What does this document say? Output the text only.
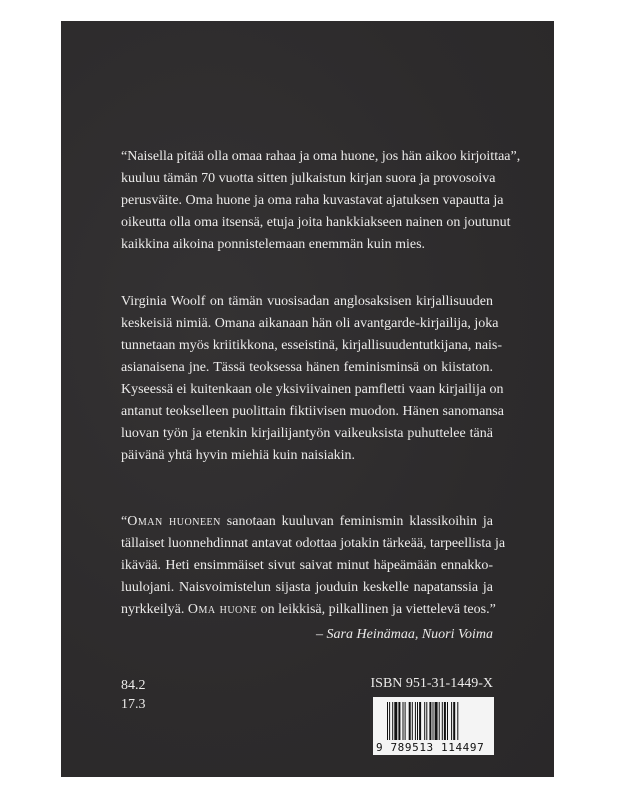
“Naisella pitää olla omaa rahaa ja oma huone, jos hän aikoo kirjoittaa”,
kuuluu tämän 70 vuotta sitten julkaistun kirjan suora ja provosoiva
perusväite. Oma huone ja oma raha kuvastavat ajatuksen vapautta ja
oikeutta olla oma itsensä, etuja joita hankkiakseen nainen on joutunut
kaikkina aikoina ponnistelemaan enemmän kuin mies.
Virginia Woolf on tämän vuosisadan anglosaksisen kirjallisuuden
keskeisiä nimiä. Omana aikanaan hän oli avantgarde-kirjailija, joka
tunnetaan myös kriitikkona, esseistinä, kirjallisuudentutkijana, nais-
asianaisena jne. Tässä teoksessa hänen feminisminsä on kiistaton.
Kyseessä ei kuitenkaan ole yksiviivainen pamfletti vaan kirjailija on
antanut teokselleen puolittain fiktiivisen muodon. Hänen sanomansa
luovan työn ja etenkin kirjailijantyön vaikeuksista puhuttelee tänä
päivänä yhtä hyvin miehiä kuin naisiakin.
“Oman huoneen sanotaan kuuluvan feminismin klassikoihin ja
tällaiset luonnehdinnat antavat odottaa jotakin tärkeää, tarpeellista ja
ikävää. Heti ensimmäiset sivut saivat minut häpeämään ennakko-
luulojani. Naisvoimistelun sijasta jouduin keskelle napatanssia ja
nyrkkeilyä. Oma huone on leikkisä, pilkallinen ja viettelevä teos.”
– Sara Heinämaa, Nuori Voima
84.2
17.3
ISBN 951-31-1449-X
9 789513 114497
